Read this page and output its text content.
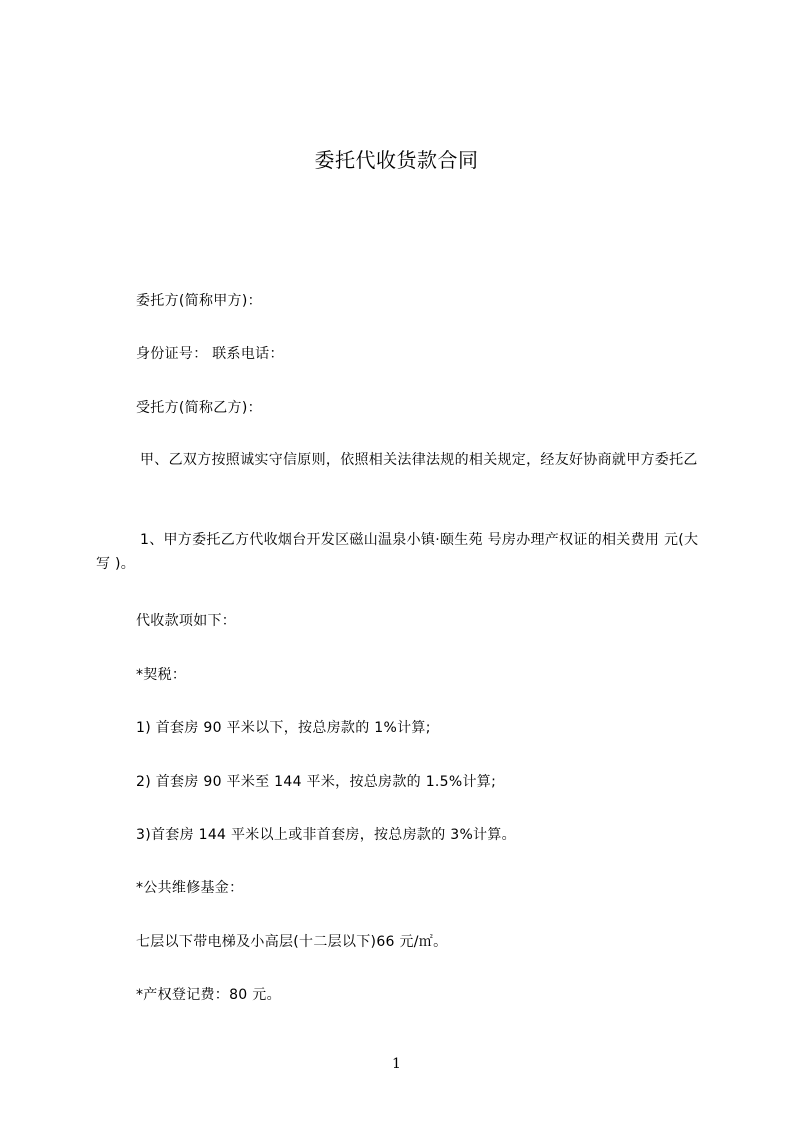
委托代收货款合同
委托方(简称甲方)：
身份证号： 联系电话：
受托方(简称乙方)：
甲、乙双方按照诚实守信原则，依照相关法律法规的相关规定，经友好协商就甲方委托乙
1、甲方委托乙方代收烟台开发区磁山温泉小镇·颐生苑 号房办理产权证的相关费用 元(大写 )。
代收款项如下：
*契税：
1) 首套房 90 平米以下，按总房款的 1%计算;
2) 首套房 90 平米至 144 平米，按总房款的 1.5%计算;
3)首套房 144 平米以上或非首套房，按总房款的 3%计算。
*公共维修基金：
七层以下带电梯及小高层(十二层以下)66 元/㎡。
*产权登记费：80 元。
1
